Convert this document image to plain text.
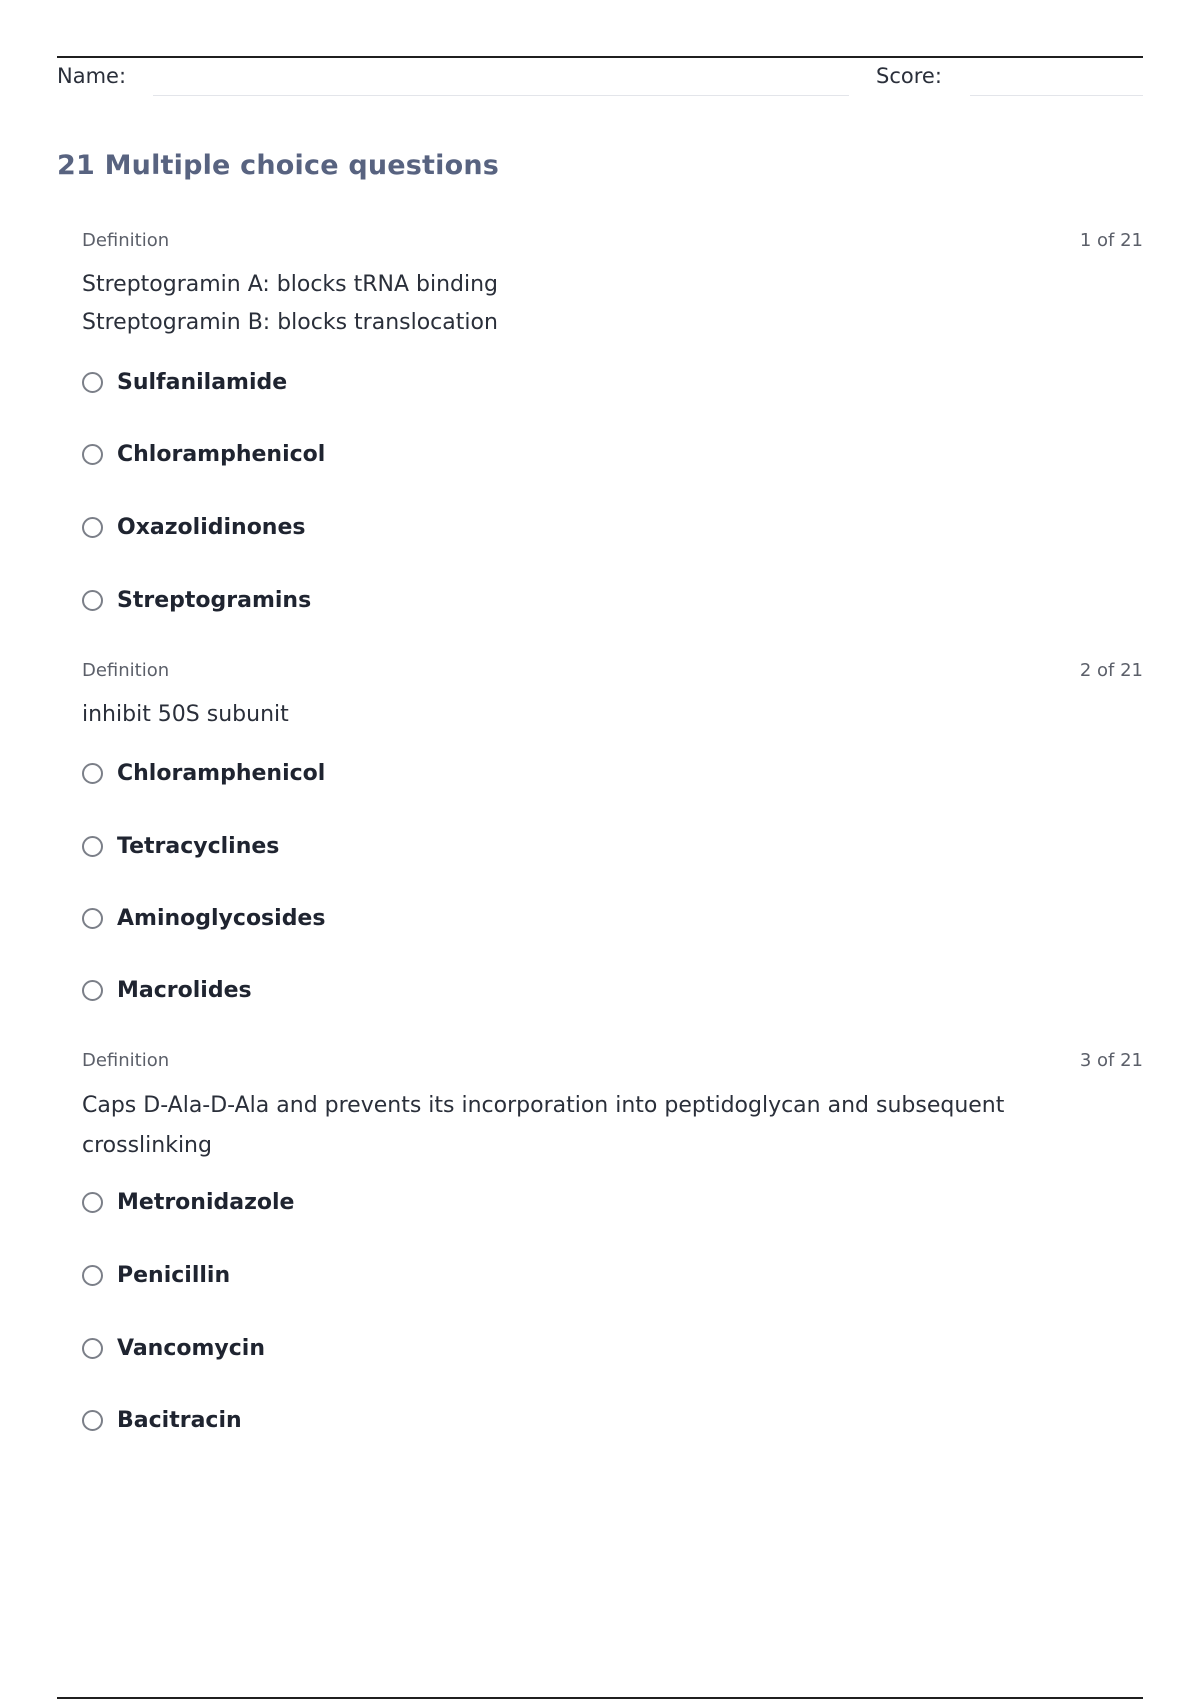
Name:	Score:
21 Multiple choice questions
Definition	1 of 21
Streptogramin A: blocks tRNA binding
Streptogramin B: blocks translocation
Sulfanilamide
Chloramphenicol
Oxazolidinones
Streptogramins
Definition	2 of 21
inhibit 50S subunit
Chloramphenicol
Tetracyclines
Aminoglycosides
Macrolides
Definition	3 of 21
Caps D-Ala-D-Ala and prevents its incorporation into peptidoglycan and subsequent crosslinking
Metronidazole
Penicillin
Vancomycin
Bacitracin
